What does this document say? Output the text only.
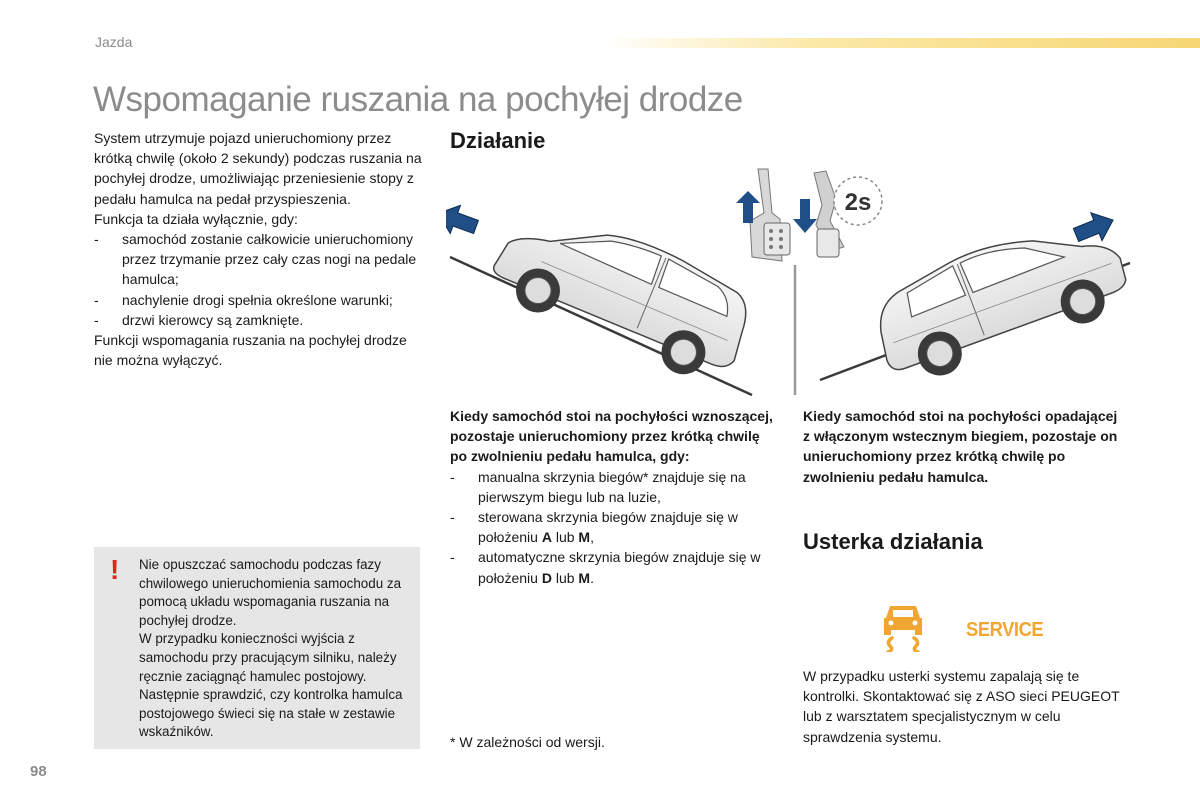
Jazda
Wspomaganie ruszania na pochyłej drodze

System utrzymuje pojazd unieruchomiony przez krótką chwilę (około 2 sekundy) podczas ruszania na pochyłej drodze, umożliwiając przeniesienie stopy z pedału hamulca na pedał przyspieszenia.

Funkcja ta działa wyłącznie, gdy:

- samochód zostanie całkowicie unieruchomiony przez trzymanie przez cały czas nogi na pedale hamulca;
- nachylenie drogi spełnia określone warunki;
- drzwi kierowcy są zamknięte.

Funkcji wspomagania ruszania na pochyłej drodze nie można wyłączyć.

Działanie
2s

Kiedy samochód stoi na pochyłości wznoszącej, pozostaje unieruchomiony przez krótką chwilę po zwolnieniu pedału hamulca, gdy:

- manualna skrzynia biegów* znajduje się na pierwszym biegu lub na luzie,
- sterowana skrzynia biegów znajduje się w położeniu A lub M,
- automatyczne skrzynia biegów znajduje się w położeniu D lub M.
Kiedy samochód stoi na pochyłości opadającej z włączonym wstecznym biegiem, pozostaje on unieruchomiony przez krótką chwilę po zwolnieniu pedału hamulca.
! Nie opuszczać samochodu podczas fazy chwilowego unieruchomienia samochodu za pomocą układu wspomagania ruszania na pochyłej drodze.

W przypadku konieczności wyjścia z samochodu przy pracującym silniku, należy ręcznie zaciągnąć hamulec postojowy. Następnie sprawdzić, czy kontrolka hamulca postojowego świeci się na stałe w zestawie wskaźników.

Usterka działania
SERVICE

W przypadku usterki systemu zapalają się te kontrolki. Skontaktować się z ASO sieci PEUGEOT lub z warsztatem specjalistycznym w celu sprawdzenia systemu.

* W zależności od wersji.
98
